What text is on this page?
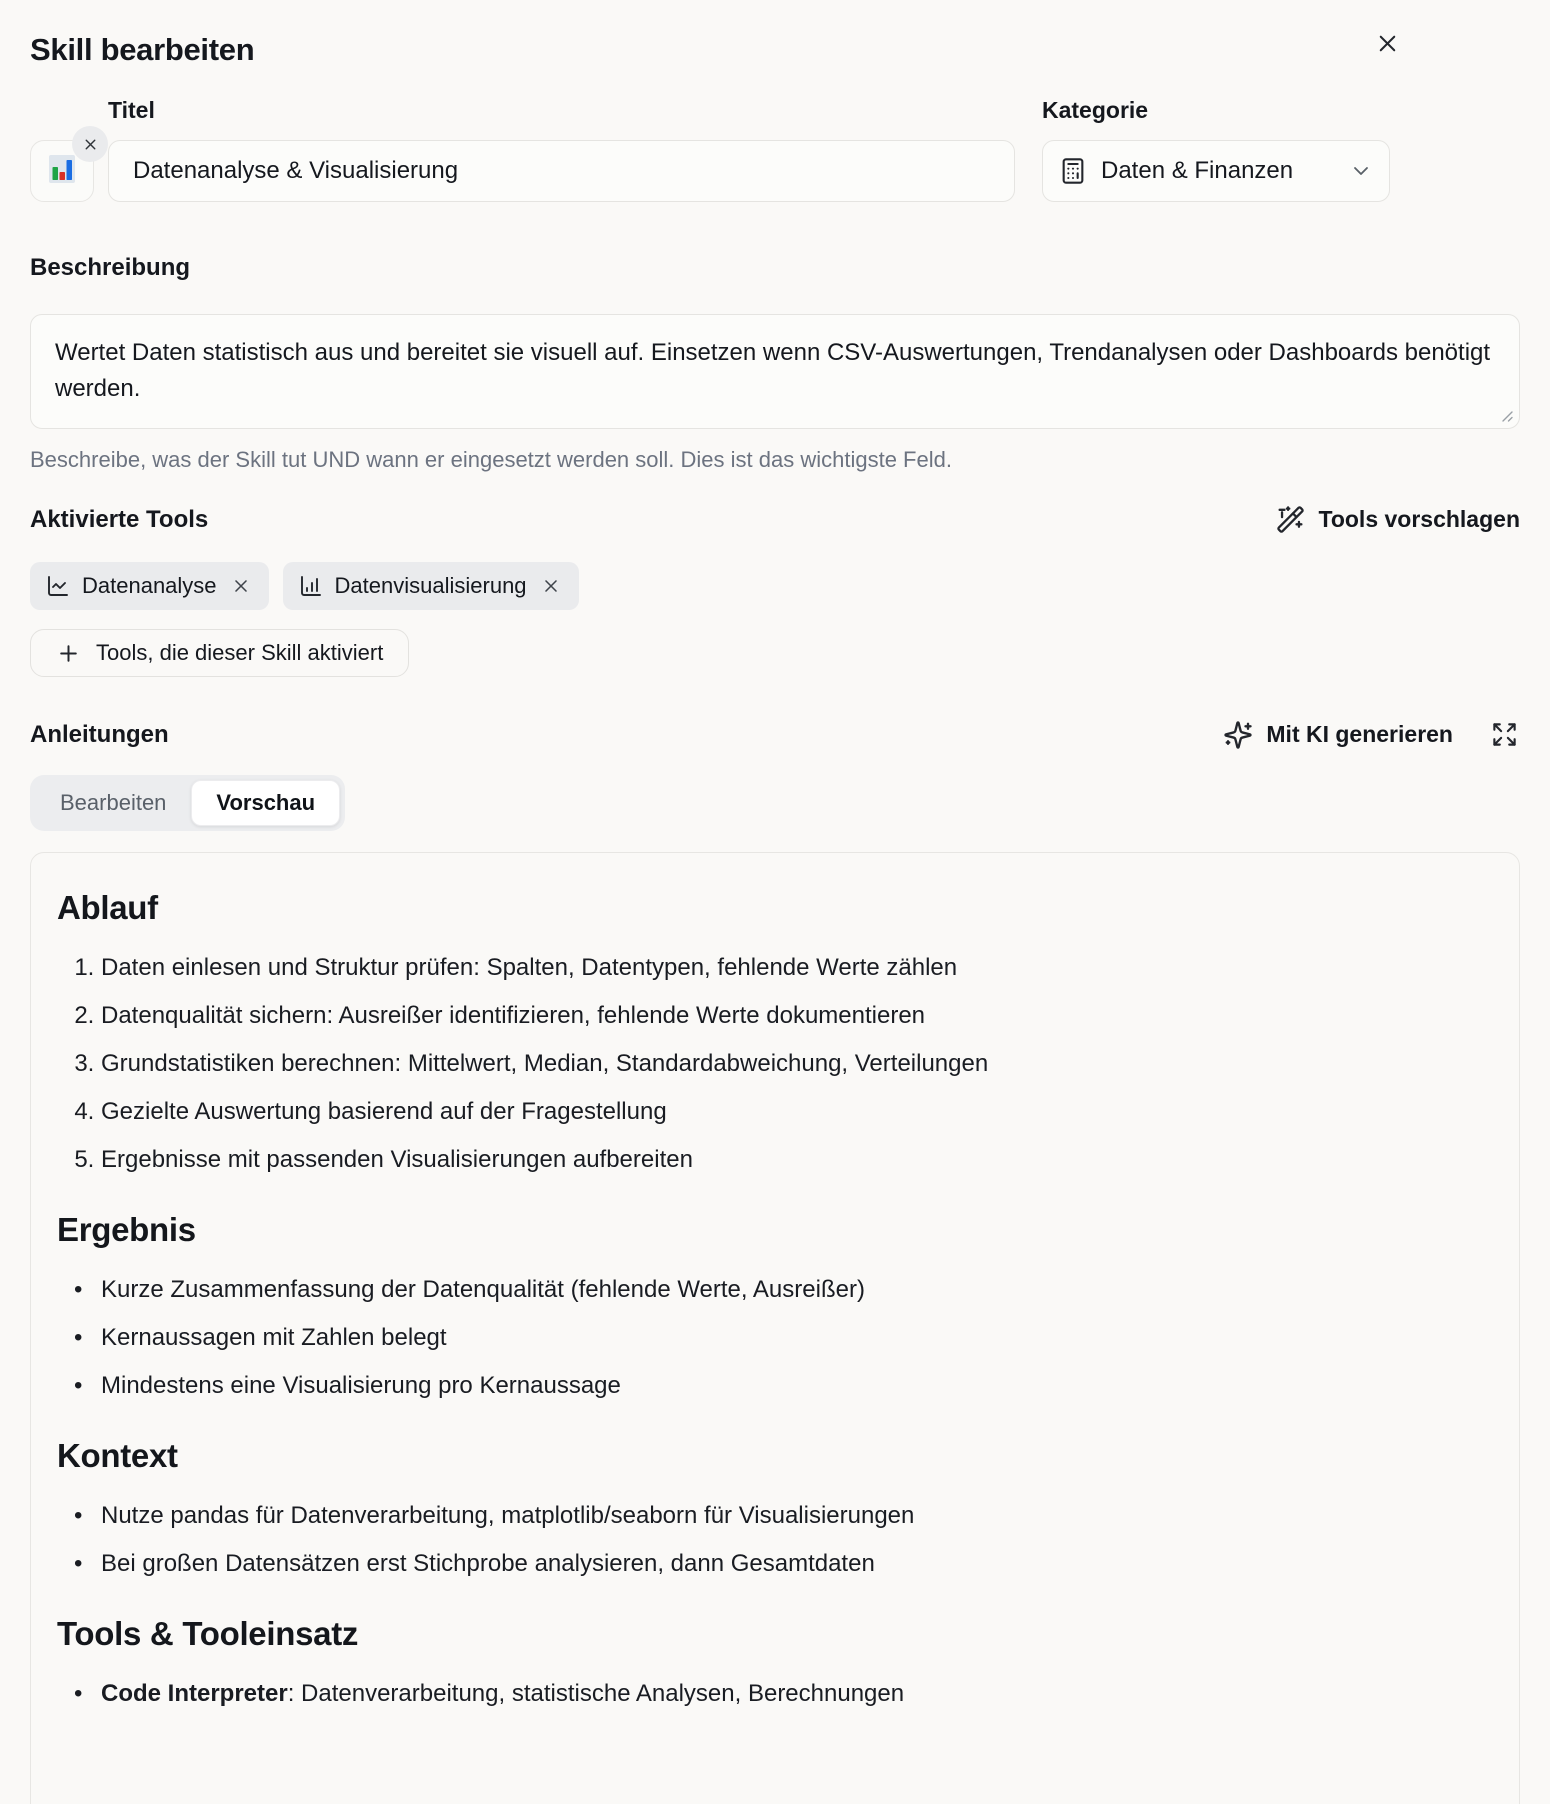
Skill bearbeiten
Titel
Datenanalyse & Visualisierung	Kategorie
Daten & Finanzen
Beschreibung
Wertet Daten statistisch aus und bereitet sie visuell auf. Einsetzen wenn CSV-Auswertungen, Trendanalysen oder Dashboards benötigt werden.

Beschreibe, was der Skill tut UND wann er eingesetzt werden soll. Dies ist das wichtigste Feld.

Aktivierte Tools	Tools vorschlagen
Datenanalyse	Datenvisualisierung
Tools, die dieser Skill aktiviert
Anleitungen	Mit KI generieren
Bearbeiten	Vorschau
Ablauf
1. Daten einlesen und Struktur prüfen: Spalten, Datentypen, fehlende Werte zählen
2. Datenqualität sichern: Ausreißer identifizieren, fehlende Werte dokumentieren
3. Grundstatistiken berechnen: Mittelwert, Median, Standardabweichung, Verteilungen
4. Gezielte Auswertung basierend auf der Fragestellung
5. Ergebnisse mit passenden Visualisierungen aufbereiten
Ergebnis
• Kurze Zusammenfassung der Datenqualität (fehlende Werte, Ausreißer)
• Kernaussagen mit Zahlen belegt
• Mindestens eine Visualisierung pro Kernaussage
Kontext
• Nutze pandas für Datenverarbeitung, matplotlib/seaborn für Visualisierungen
• Bei großen Datensätzen erst Stichprobe analysieren, dann Gesamtdaten
Tools & Tooleinsatz
• Code Interpreter: Datenverarbeitung, statistische Analysen, Berechnungen
